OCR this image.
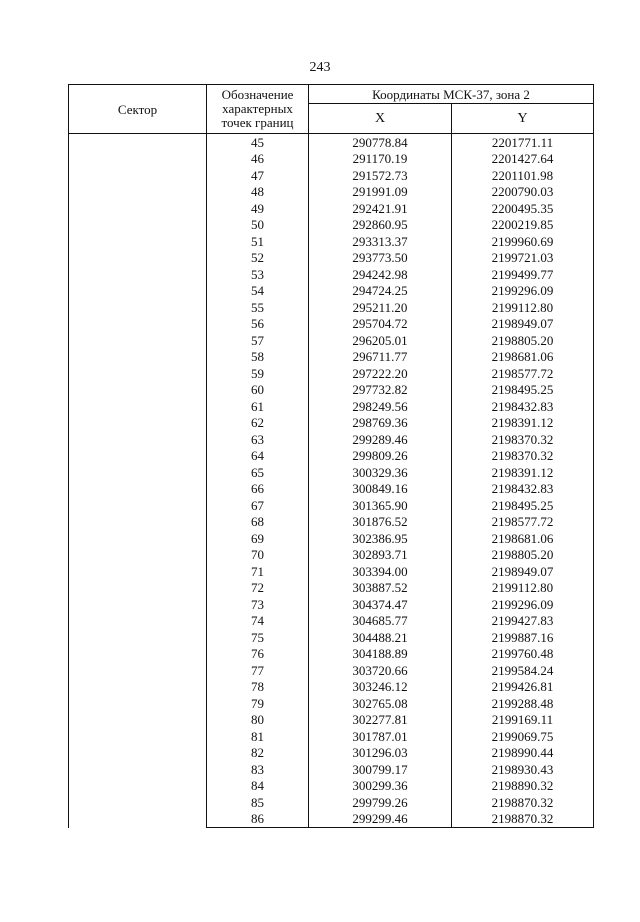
243
Сектор	Обозначение характерных точек границ	Координаты МСК-37, зона 2	
		X	Y
	45	290778.84	2201771.11
	46	291170.19	2201427.64
	47	291572.73	2201101.98
	48	291991.09	2200790.03
	49	292421.91	2200495.35
	50	292860.95	2200219.85
	51	293313.37	2199960.69
	52	293773.50	2199721.03
	53	294242.98	2199499.77
	54	294724.25	2199296.09
	55	295211.20	2199112.80
	56	295704.72	2198949.07
	57	296205.01	2198805.20
	58	296711.77	2198681.06
	59	297222.20	2198577.72
	60	297732.82	2198495.25
	61	298249.56	2198432.83
	62	298769.36	2198391.12
	63	299289.46	2198370.32
	64	299809.26	2198370.32
	65	300329.36	2198391.12
	66	300849.16	2198432.83
	67	301365.90	2198495.25
	68	301876.52	2198577.72
	69	302386.95	2198681.06
	70	302893.71	2198805.20
	71	303394.00	2198949.07
	72	303887.52	2199112.80
	73	304374.47	2199296.09
	74	304685.77	2199427.83
	75	304488.21	2199887.16
	76	304188.89	2199760.48
	77	303720.66	2199584.24
	78	303246.12	2199426.81
	79	302765.08	2199288.48
	80	302277.81	2199169.11
	81	301787.01	2199069.75
	82	301296.03	2198990.44
	83	300799.17	2198930.43
	84	300299.36	2198890.32
	85	299799.26	2198870.32
	86	299299.46	2198870.32
